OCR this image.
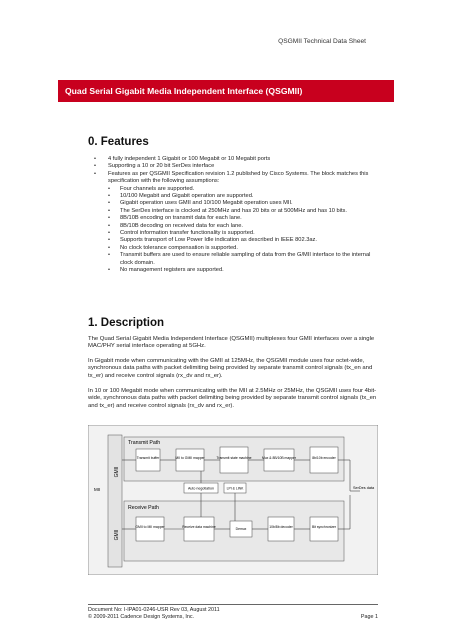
QSGMII Technical Data Sheet
Quad Serial Gigabit Media Independent Interface (QSGMII)
0. Features
• 4 fully independent 1 Gigabit or 100 Megabit or 10 Megabit ports
• Supporting a 10 or 20 bit SerDes interface
• Features as per QSGMII Specification revision 1.2 published by Cisco Systems. The block matches this specification with the following assumptions:
• Four channels are supported.
• 10/100 Megabit and Gigabit operation are supported.
• Gigabit operation uses GMII and 10/100 Megabit operation uses MII.
• The SerDes interface is clocked at 250MHz and has 20 bits or at 500MHz and has 10 bits.
• 8B/10B encoding on transmit data for each lane.
• 8B/10B decoding on received data for each lane.
• Control information transfer functionality is supported.
• Supports transport of Low Power Idle indication as described in IEEE 802.3az.
• No clock tolerance compensation is supported.
• Transmit buffers are used to ensure reliable sampling of data from the G/MII interface to the internal clock domain.
• No management registers are supported.
1. Description

The Quad Serial Gigabit Media Independent Interface (QSGMII) multiplexes four GMII interfaces over a single MAC/PHY serial interface operating at 5GHz.

In Gigabit mode when communicating with the GMII at 125MHz, the QSGMII module uses four octet-wide, synchronous data paths with packet delimiting being provided by separate transmit control signals (tx_en and tx_er) and receive control signals (rx_dv and rx_er).

In 10 or 100 Megabit mode when communicating with the MII at 2.5MHz or 25MHz, the QSGMII uses four 4bit-wide, synchronous data paths with packet delimiting being provided by separate transmit control signals (tx_en and tx_er) and receive control signals (rx_dv and rx_er).

GMII
GMII
MII
Transmit Path
Transmit buffer	MII to GMII mapper	Transmit state machine	Mux & 8B/10B mapper	8b/10b encoder
Auto negotiation	LPI & LINK	SerDes data
Receive Path
GMII to MII mapper	Receive data machine	Demux	10b/8b decoder	Bit synchronizer
Document No: I-IPA01-0246-USR Rev 03, August 2011
© 2009-2011 Cadence Design Systems, Inc.	Page 1
